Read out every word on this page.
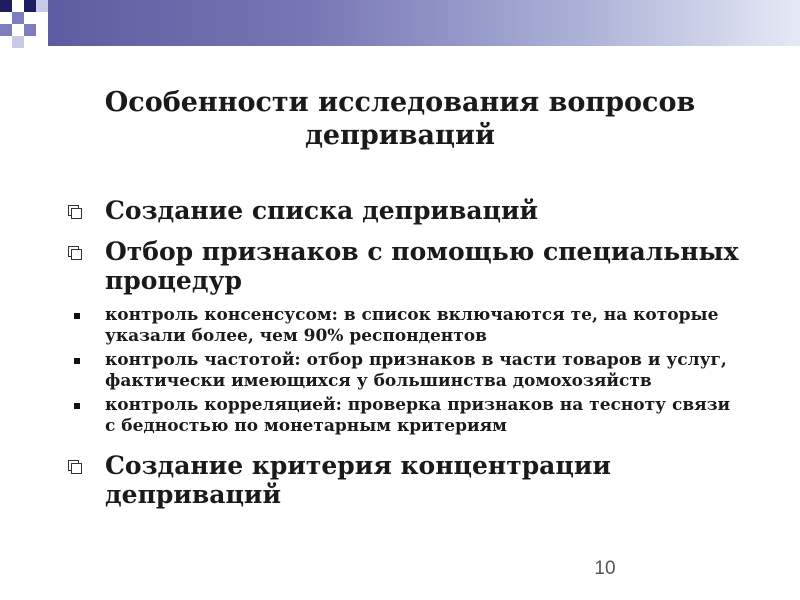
Особенности исследования вопросов
деприваций
Создание списка деприваций
Отбор признаков с помощью специальных процедур
контроль консенсусом: в список включаются те, на которые указали более, чем 90% респондентов
контроль частотой: отбор признаков в части товаров и услуг, фактически имеющихся у большинства домохозяйств
контроль корреляцией: проверка признаков на тесноту связи с бедностью по монетарным критериям
Создание критерия концентрации деприваций
10
